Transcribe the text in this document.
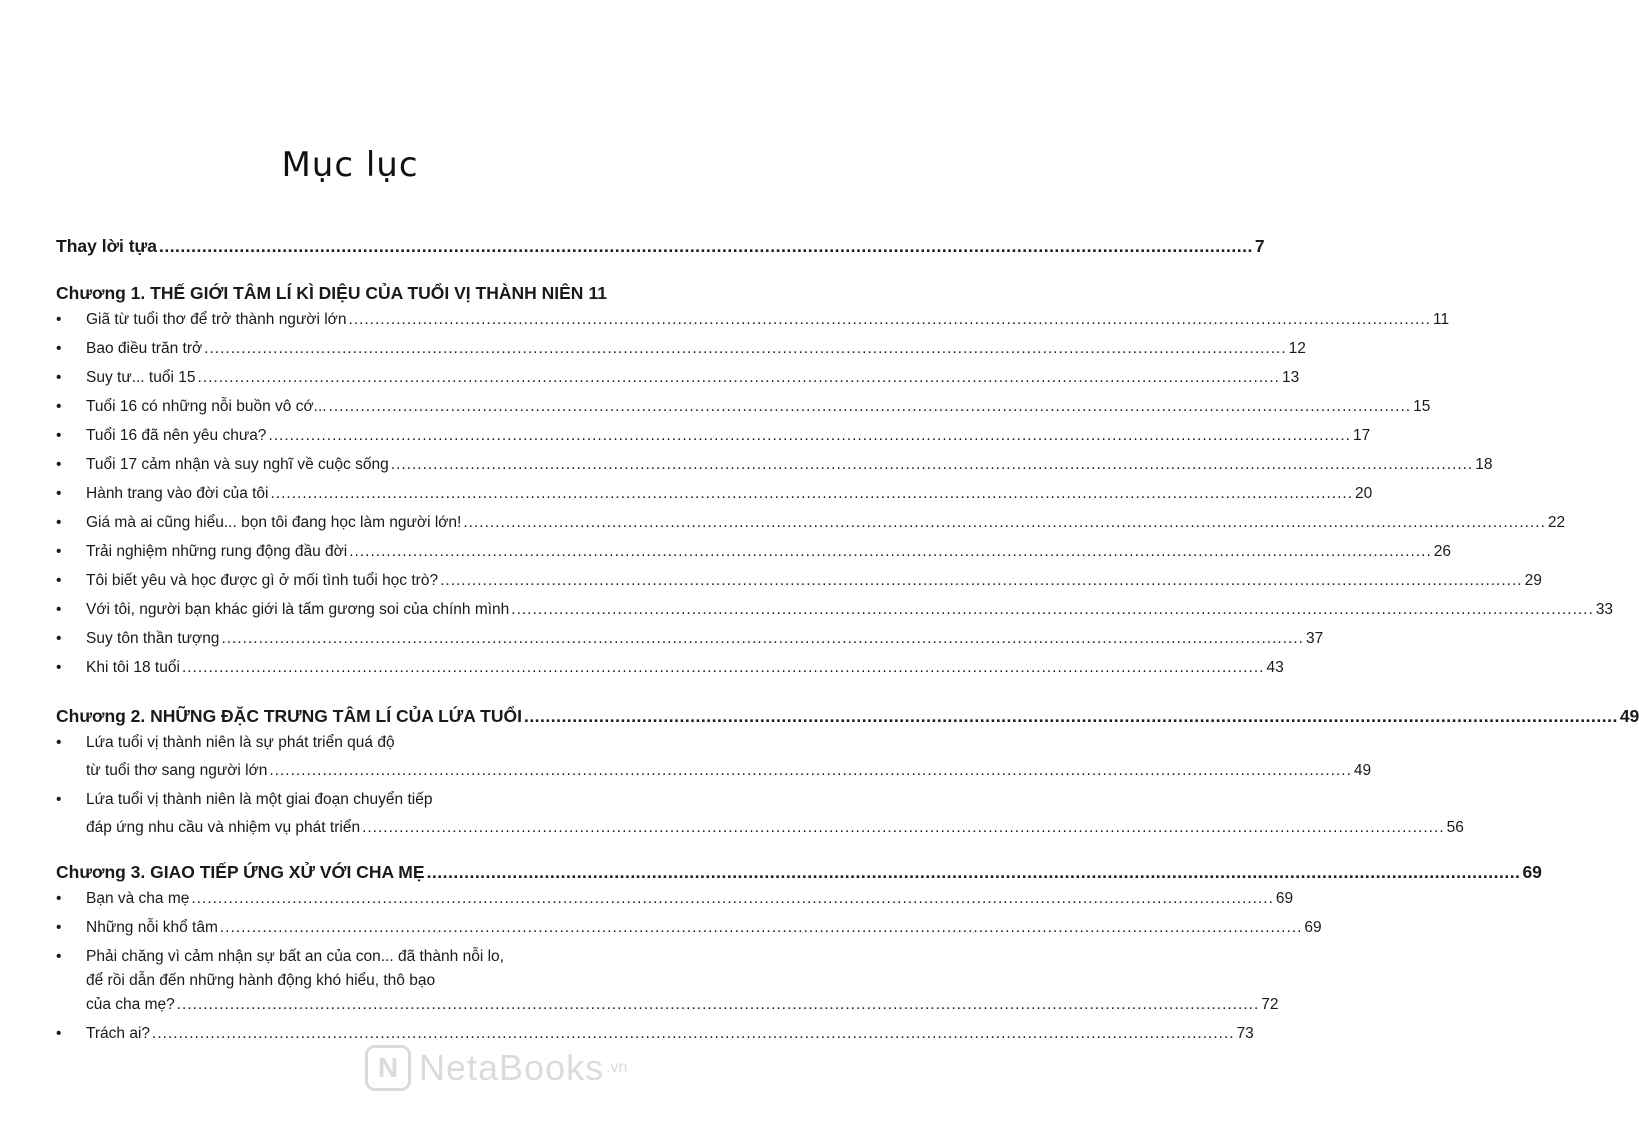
Mục lục
Thay lời tựa .....	7
Chương 1. THẾ GIỚI TÂM LÍ KÌ DIỆU CỦA TUỔI VỊ THÀNH NIÊN 11
•	Giã từ tuổi thơ để trở thành người lớn .....	11
•	Bao điều trăn trở .....	12
•	Suy tư... tuổi 15 .....	13
•	Tuổi 16 có những nỗi buồn vô cớ... .....	15
•	Tuổi 16 đã nên yêu chưa? .....	17
•	Tuổi 17 cảm nhận và suy nghĩ về cuộc sống .....	18
•	Hành trang vào đời của tôi .....	20
•	Giá mà ai cũng hiểu... bọn tôi đang học làm người lớn! .....	22
•	Trải nghiệm những rung động đầu đời .....	26
•	Tôi biết yêu và học được gì ở mối tình tuổi học trò? .....	29
•	Với tôi, người bạn khác giới là tấm gương soi của chính mình .....	33
•	Suy tôn thần tượng .....	37
•	Khi tôi 18 tuổi .....	43
Chương 2. NHỮNG ĐẶC TRƯNG TÂM LÍ CỦA LỨA TUỔI .....	49
•	Lứa tuổi vị thành niên là sự phát triển quá độ
từ tuổi thơ sang người lớn .....	49
•	Lứa tuổi vị thành niên là một giai đoạn chuyển tiếp
đáp ứng nhu cầu và nhiệm vụ phát triển .....	56
Chương 3. GIAO TIẾP ỨNG XỬ VỚI CHA MẸ .....	69
•	Bạn và cha mẹ .....	69
•	Những nỗi khổ tâm .....	69
•	Phải chăng vì cảm nhận sự bất an của con... đã thành nỗi lo,
để rồi dẫn đến những hành động khó hiểu, thô bạo
của cha mẹ? .....	72
•	Trách ai? .....	73
N NetaBooks .vn
